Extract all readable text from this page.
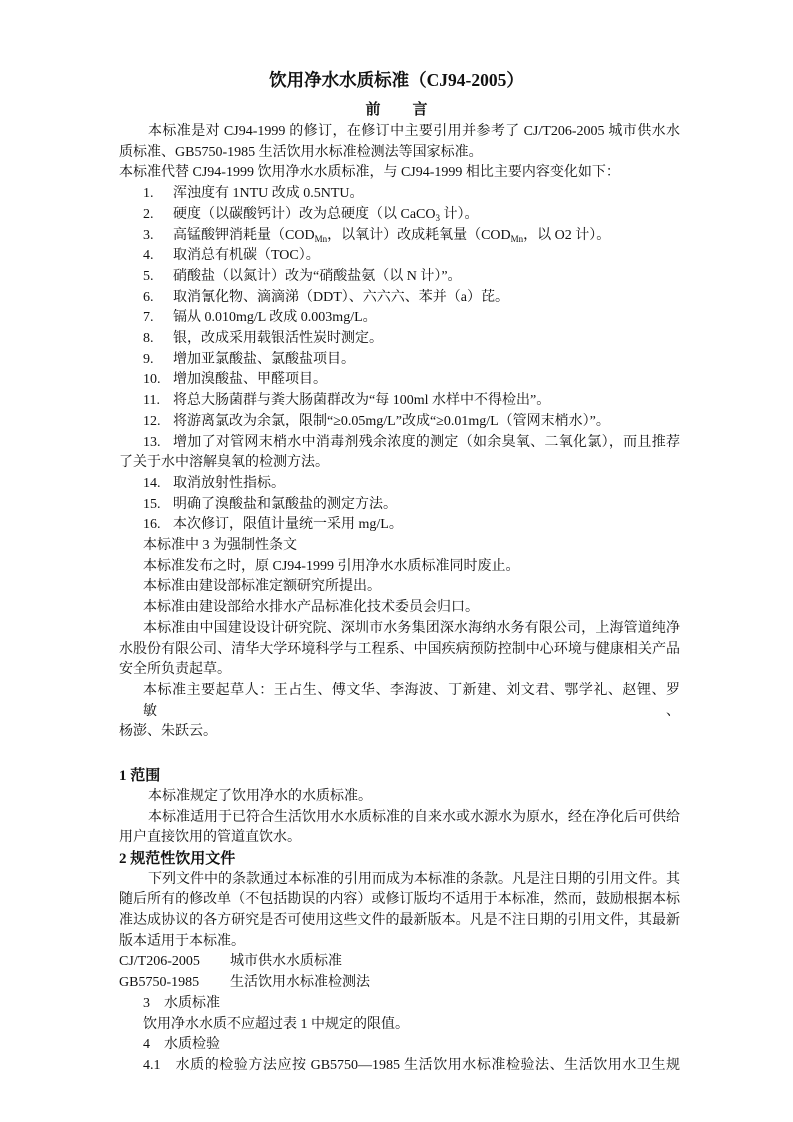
饮用净水水质标准（CJ94-2005）
前 言
本标准是对 CJ94-1999 的修订，在修订中主要引用并参考了 CJ/T206-2005 城市供水水
质标准、GB5750-1985 生活饮用水标准检测法等国家标准。
本标准代替 CJ94-1999 饮用净水水质标准，与 CJ94-1999 相比主要内容变化如下：
1.	浑浊度有 1NTU 改成 0.5NTU。
2.	硬度（以碳酸钙计）改为总硬度（以 CaCO$_3$ 计）。
3.	高锰酸钾消耗量（$COD_{Mn}$，以氧计）改成耗氧量（$COD_{Mn}$，以 O2 计）。
4.	取消总有机碳（TOC）。
5.	硝酸盐（以氮计）改为“硝酸盐氨（以 N 计）”。
6.	取消氰化物、滴滴涕（DDT）、六六六、苯并（a）芘。
7.	镉从 0.010mg/L 改成 0.003mg/L。
8.	银，改成采用载银活性炭时测定。
9.	增加亚氯酸盐、氯酸盐项目。
10. 增加溴酸盐、甲醛项目。
11. 将总大肠菌群与粪大肠菌群改为“每 100ml 水样中不得检出”。
12. 将游离氯改为余氯，限制“≥0.05mg/L”改成“≥0.01mg/L（管网末梢水）”。
13. 增加了对管网末梢水中消毒剂残余浓度的测定（如余臭氧、二氧化氯），而且推荐
了关于水中溶解臭氧的检测方法。
14. 取消放射性指标。
15. 明确了溴酸盐和氯酸盐的测定方法。
16. 本次修订，限值计量统一采用 mg/L。
本标准中 3 为强制性条文
本标准发布之时，原 CJ94-1999 引用净水水质标准同时废止。
本标准由建设部标准定额研究所提出。
本标准由建设部给水排水产品标准化技术委员会归口。
本标准由中国建设设计研究院、深圳市水务集团深水海纳水务有限公司，上海管道纯净
水股份有限公司、清华大学环境科学与工程系、中国疾病预防控制中心环境与健康相关产品
安全所负责起草。
本标准主要起草人：王占生、傅文华、李海波、丁新建、刘文君、鄂学礼、赵锂、罗敏、
杨澎、朱跃云。
1 范围
本标准规定了饮用净水的水质标准。
本标准适用于已符合生活饮用水水质标准的自来水或水源水为原水，经在净化后可供给
用户直接饮用的管道直饮水。
2 规范性饮用文件
下列文件中的条款通过本标准的引用而成为本标准的条款。凡是注日期的引用文件。其
随后所有的修改单（不包括勘误的内容）或修订版均不适用于本标准，然而，鼓励根据本标
准达成协议的各方研究是否可使用这些文件的最新版本。凡是不注日期的引用文件，其最新
版本适用于本标准。
CJ/T206-2005	城市供水水质标准
GB5750-1985	生活饮用水标准检测法
3　水质标准
饮用净水水质不应超过表 1 中规定的限值。
4　水质检验
4.1　水质的检验方法应按 GB5750—1985 生活饮用水标准检验法、生活饮用水卫生规
